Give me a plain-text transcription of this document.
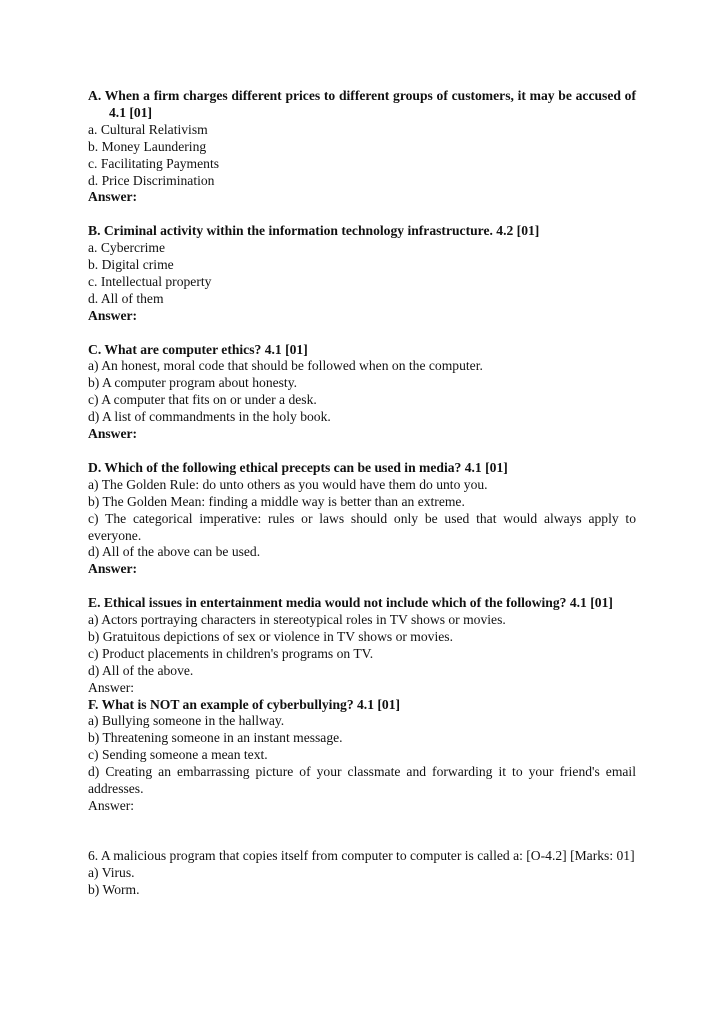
A. When a firm charges different prices to different groups of customers, it may be accused of 4.1 [01]

a. Cultural Relativism

b. Money Laundering

c. Facilitating Payments

d. Price Discrimination

Answer:

B. Criminal activity within the information technology infrastructure. 4.2 [01]

a. Cybercrime

b. Digital crime

c. Intellectual property

d. All of them

Answer:

C. What are computer ethics? 4.1 [01]

a) An honest, moral code that should be followed when on the computer.

b) A computer program about honesty.

c) A computer that fits on or under a desk.

d) A list of commandments in the holy book.

Answer:

D. Which of the following ethical precepts can be used in media? 4.1 [01]

a) The Golden Rule: do unto others as you would have them do unto you.

b) The Golden Mean: finding a middle way is better than an extreme.

c) The categorical imperative: rules or laws should only be used that would always apply to everyone.

d) All of the above can be used.

Answer:

E. Ethical issues in entertainment media would not include which of the following? 4.1 [01]

a) Actors portraying characters in stereotypical roles in TV shows or movies.

b) Gratuitous depictions of sex or violence in TV shows or movies.

c) Product placements in children's programs on TV.

d) All of the above.

Answer:

F. What is NOT an example of cyberbullying? 4.1 [01]

a) Bullying someone in the hallway.

b) Threatening someone in an instant message.

c) Sending someone a mean text.

d) Creating an embarrassing picture of your classmate and forwarding it to your friend's email addresses.

Answer:

6. A malicious program that copies itself from computer to computer is called a: [O-4.2] [Marks: 01]

a) Virus.

b) Worm.
